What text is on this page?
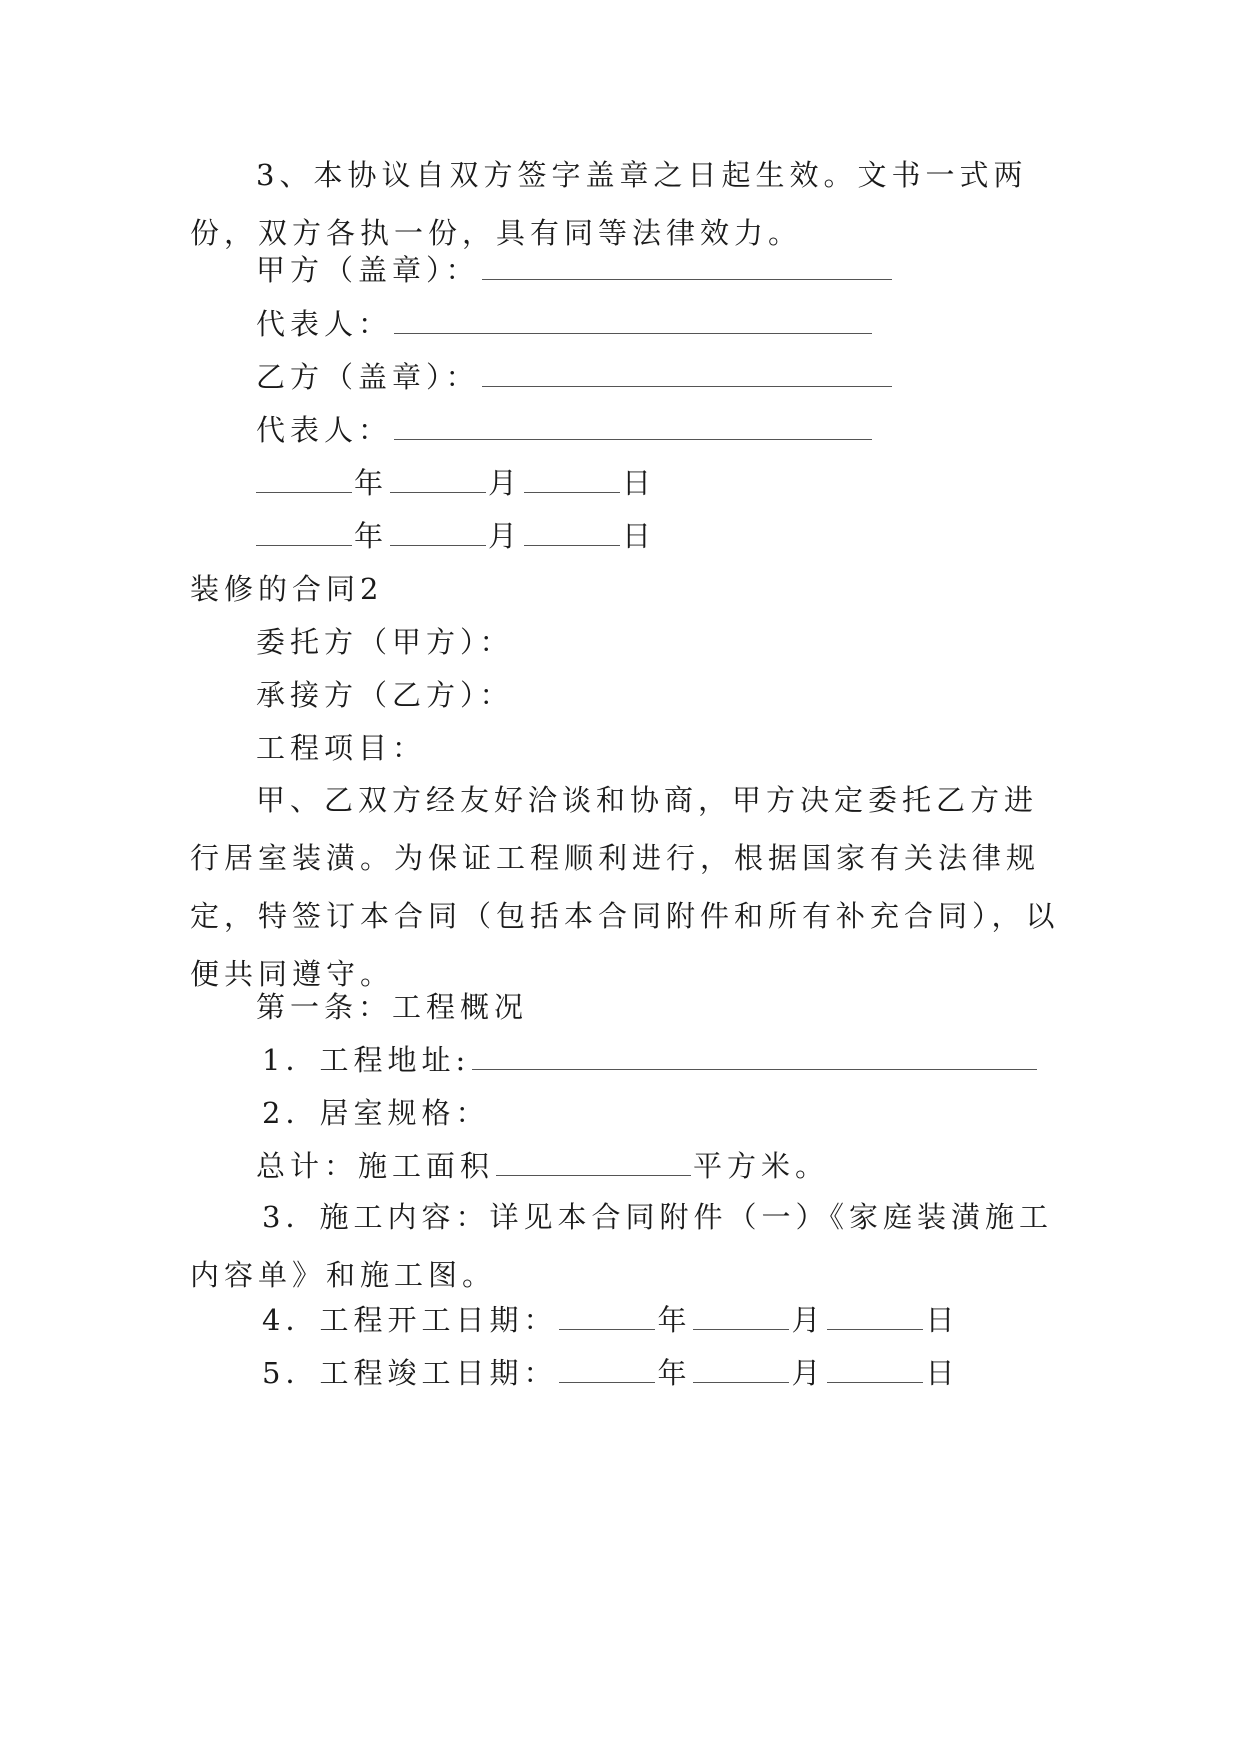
3、本协议自双方签字盖章之日起生效。文书一式两份，双方各执一份，具有同等法律效力。
甲方（盖章）：
代表人：
乙方（盖章）：
代表人：
年	月	日
年	月	日
装修的合同2
委托方（甲方）：
承接方（乙方）：
工程项目：
甲、乙双方经友好洽谈和协商，甲方决定委托乙方进行居室装潢。为保证工程顺利进行，根据国家有关法律规定，特签订本合同（包括本合同附件和所有补充合同），以便共同遵守。
第一条：工程概况
1．工程地址:
2．居室规格：
总计：施工面积	平方米。
3．施工内容：详见本合同附件（一）《家庭装潢施工内容单》和施工图。
4．工程开工日期：	年	月	日
5．工程竣工日期：	年	月	日
